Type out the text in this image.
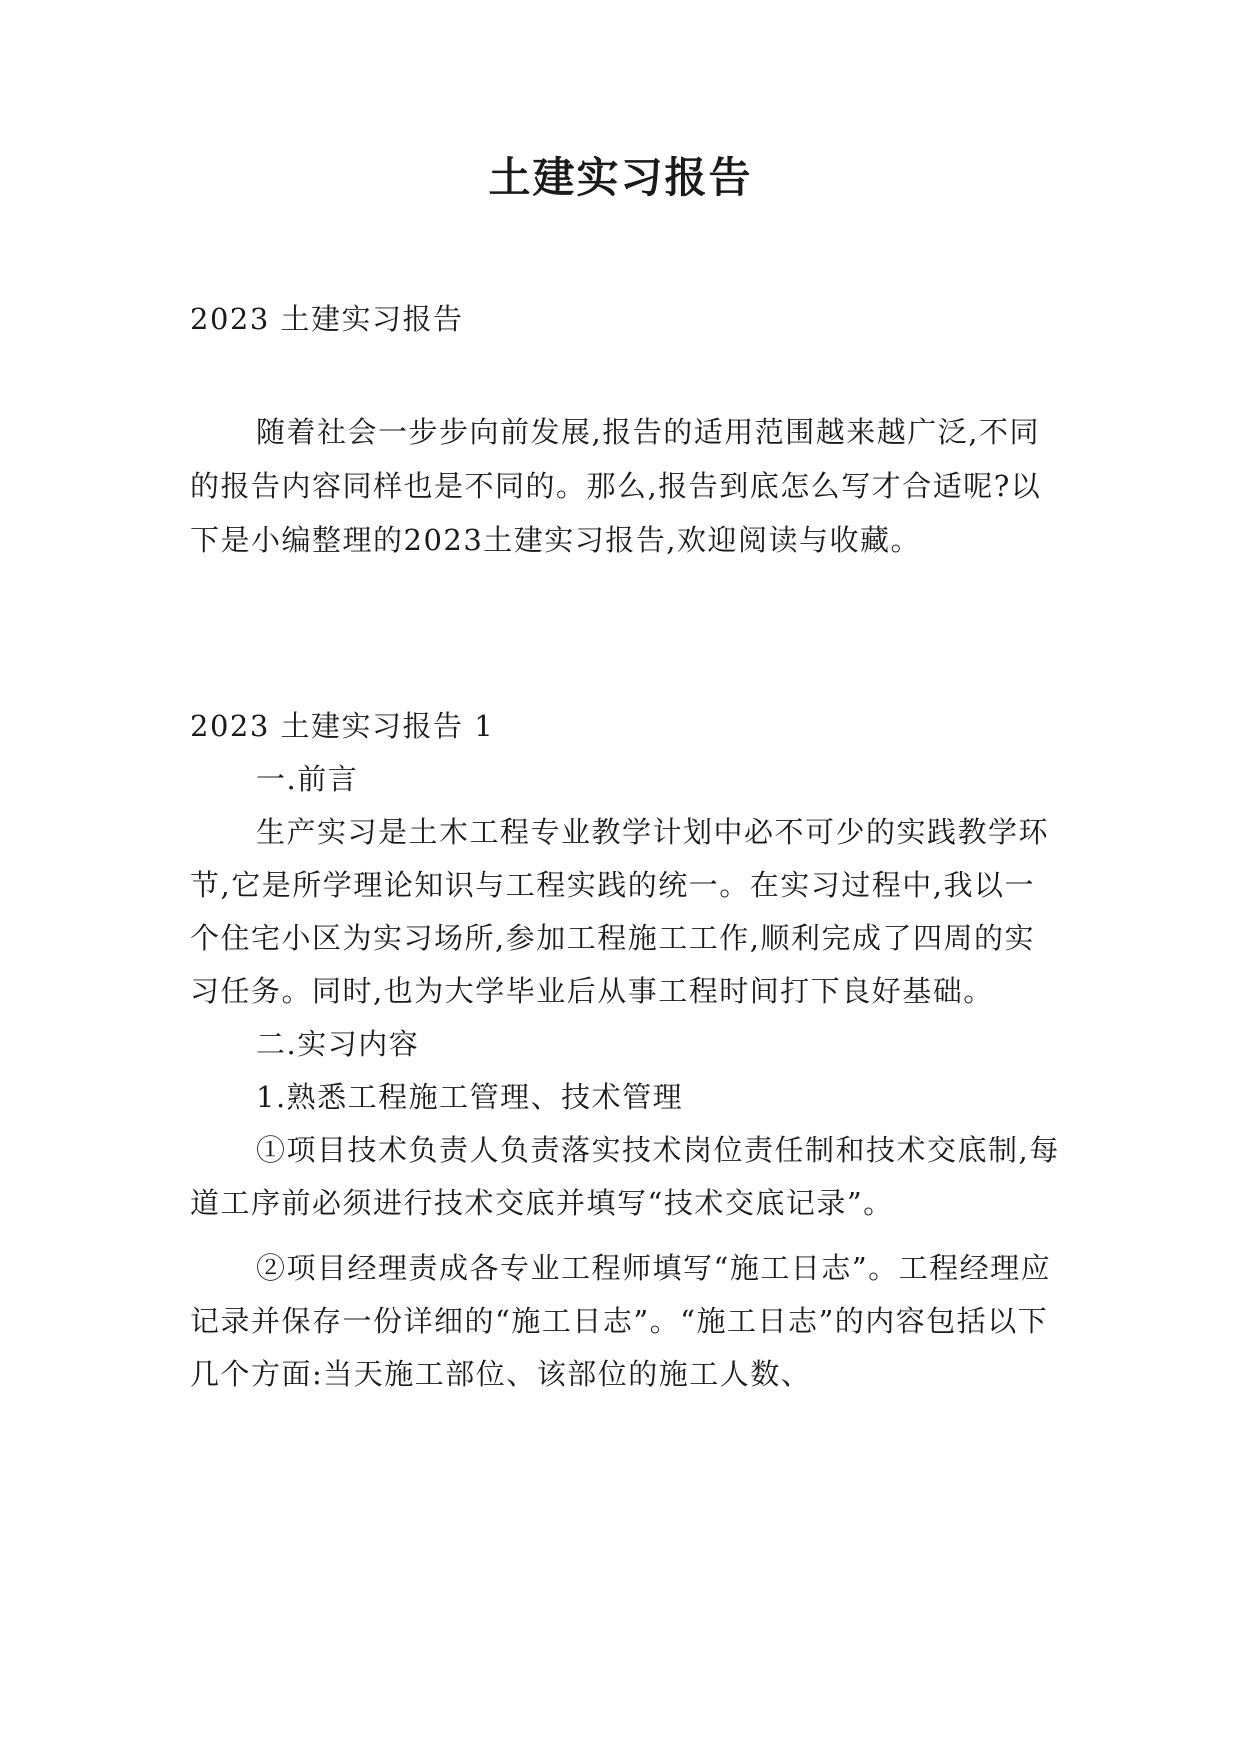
土建实习报告
2023 土建实习报告
随着社会一步步向前发展,报告的适用范围越来越广泛,不同的报告内容同样也是不同的。那么,报告到底怎么写才合适呢?以下是小编整理的2023土建实习报告,欢迎阅读与收藏。

2023 土建实习报告 1

一.前言

生产实习是土木工程专业教学计划中必不可少的实践教学环节,它是所学理论知识与工程实践的统一。在实习过程中,我以一个住宅小区为实习场所,参加工程施工工作,顺利完成了四周的实习任务。同时,也为大学毕业后从事工程时间打下良好基础。

二.实习内容

1.熟悉工程施工管理、技术管理

①项目技术负责人负责落实技术岗位责任制和技术交底制,每道工序前必须进行技术交底并填写“技术交底记录”。

②项目经理责成各专业工程师填写“施工日志”。工程经理应记录并保存一份详细的“施工日志”。“施工日志”的内容包括以下几个方面:当天施工部位、该部位的施工人数、
